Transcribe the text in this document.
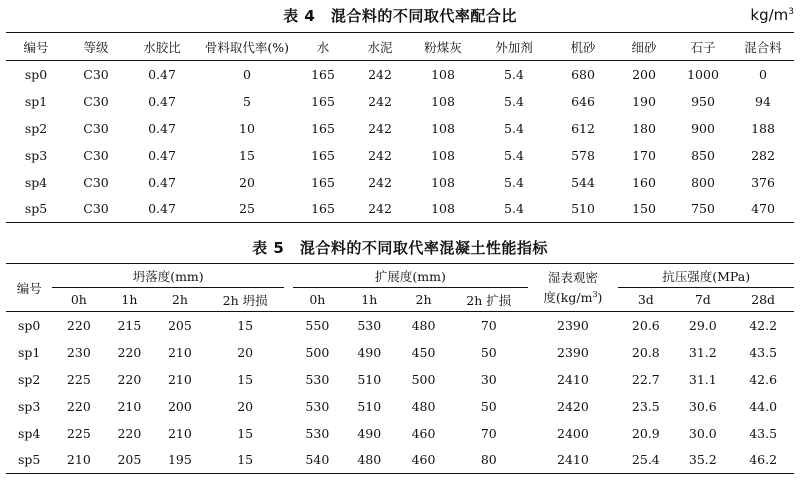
表 4　混合料的不同取代率配合比	$kg/m^3$
编号	等级	水胶比	骨料取代率(%)	水	水泥	粉煤灰	外加剂	机砂	细砂	石子	混合料
sp0	C30	0.47	0	165	242	108	5.4	680	200	1000	0
sp1	C30	0.47	5	165	242	108	5.4	646	190	950	94
sp2	C30	0.47	10	165	242	108	5.4	612	180	900	188
sp3	C30	0.47	15	165	242	108	5.4	578	170	850	282
sp4	C30	0.47	20	165	242	108	5.4	544	160	800	376
sp5	C30	0.47	25	165	242	108	5.4	510	150	750	470
表 5　混合料的不同取代率混凝土性能指标
编号	坍落度(mm)					扩展度(mm)					湿表观密
度$(kg/m^3)$		抗压强度(MPa)		
	0h	1h	2h	2h 坍损		0h	1h	2h	2h 扩损				3d	7d	28d
sp0	220	215	205	15		550	530	480	70		2390		20.6	29.0	42.2
sp1	230	220	210	20		500	490	450	50		2390		20.8	31.2	43.5
sp2	225	220	210	15		530	510	500	30		2410		22.7	31.1	42.6
sp3	220	210	200	20		530	510	480	50		2420		23.5	30.6	44.0
sp4	225	220	210	15		530	490	460	70		2400		20.9	30.0	43.5
sp5	210	205	195	15		540	480	460	80		2410		25.4	35.2	46.2
